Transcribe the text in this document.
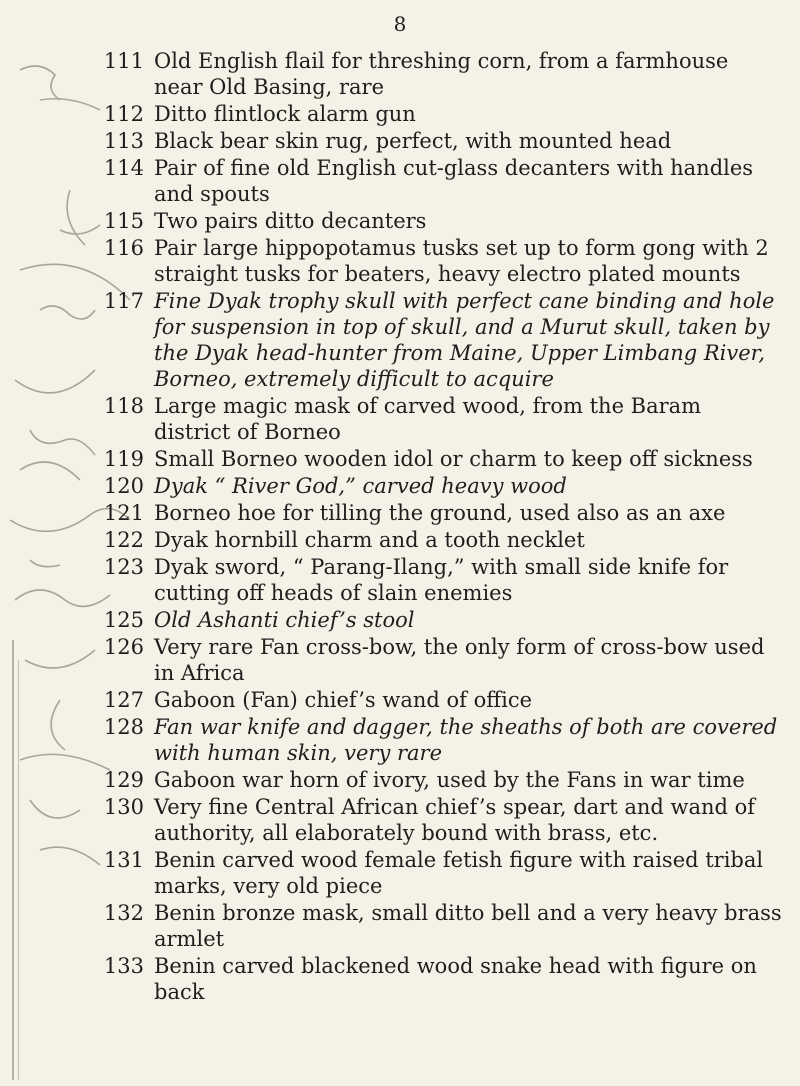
8
111 Old English flail for threshing corn, from a farmhouse near Old Basing, rare
112 Ditto flintlock alarm gun
113 Black bear skin rug, perfect, with mounted head
114 Pair of fine old English cut-glass decanters with handles and spouts
115 Two pairs ditto decanters
116 Pair large hippopotamus tusks set up to form gong with 2 straight tusks for beaters, heavy electro plated mounts
117 Fine Dyak trophy skull with perfect cane binding and hole for suspension in top of skull, and a Murut skull, taken by the Dyak head-hunter from Maine, Upper Limbang River, Borneo, extremely difficult to acquire
118 Large magic mask of carved wood, from the Baram district of Borneo
119 Small Borneo wooden idol or charm to keep off sickness
120 Dyak “ River God,” carved heavy wood
121 Borneo hoe for tilling the ground, used also as an axe
122 Dyak hornbill charm and a tooth necklet
123 Dyak sword, “ Parang-Ilang,” with small side knife for cutting off heads of slain enemies
125 Old Ashanti chief’s stool
126 Very rare Fan cross-bow, the only form of cross-bow used in Africa
127 Gaboon (Fan) chief’s wand of office
128 Fan war knife and dagger, the sheaths of both are covered with human skin, very rare
129 Gaboon war horn of ivory, used by the Fans in war time
130 Very fine Central African chief’s spear, dart and wand of authority, all elaborately bound with brass, etc.
131 Benin carved wood female fetish figure with raised tribal marks, very old piece
132 Benin bronze mask, small ditto bell and a very heavy brass armlet
133 Benin carved blackened wood snake head with figure on back
